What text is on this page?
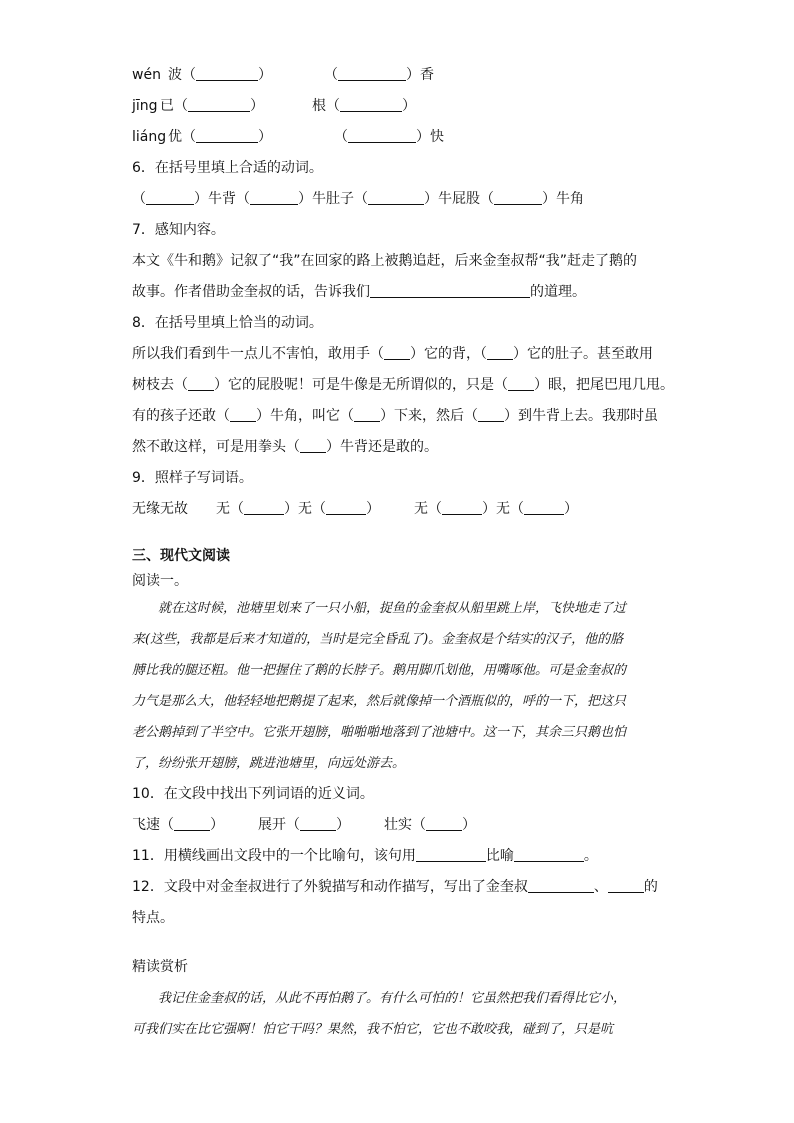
wén 波（	）	（	）香
jīng 已（	）	根（	）
liáng 优（	）	（	）快
6．在括号里填上合适的动词。
（	）牛背（	）牛肚子（	）牛屁股（	）牛角
7．感知内容。
本文《牛和鹅》记叙了“我”在回家的路上被鹅追赶，后来金奎叔帮“我”赶走了鹅的
故事。作者借助金奎叔的话，告诉我们	的道理。
8．在括号里填上恰当的动词。
所以我们看到牛一点儿不害怕，敢用手（ ）它的背，（ ）它的肚子。甚至敢用
树枝去（ ）它的屁股呢！可是牛像是无所谓似的，只是（ ）眼，把尾巴甩几甩。
有的孩子还敢（ ）牛角，叫它（ ）下来，然后（ ）到牛背上去。我那时虽
然不敢这样，可是用拳头（ ）牛背还是敢的。
9．照样子写词语。
无缘无故 无（	）无（	） 无（	）无（	）
三、现代文阅读
阅读一。
就在这时候，池塘里划来了一只小船，捉鱼的金奎叔从船里跳上岸，飞快地走了过
来(这些，我都是后来才知道的，当时是完全昏乱了)。金奎叔是个结实的汉子，他的胳
膊比我的腿还粗。他一把握住了鹅的长脖子。鹅用脚爪划他，用嘴啄他。可是金奎叔的
力气是那么大，他轻轻地把鹅提了起来，然后就像掉一个酒瓶似的，呼的一下，把这只
老公鹅掉到了半空中。它张开翅膀，啪啪啪地落到了池塘中。这一下，其余三只鹅也怕
了，纷纷张开翅膀，跳进池塘里，向远处游去。
10．在文段中找出下列词语的近义词。
飞速（	） 展开（	） 壮实（	）
11．用横线画出文段中的一个比喻句，该句用	比喻	。
12．文段中对金奎叔进行了外貌描写和动作描写，写出了金奎叔	、	的
特点。
精读赏析
我记住金奎叔的话，从此不再怕鹅了。有什么可怕的！它虽然把我们看得比它小，
可我们实在比它强啊！怕它干吗？果然，我不怕它，它也不敢咬我，碰到了，只是吭
